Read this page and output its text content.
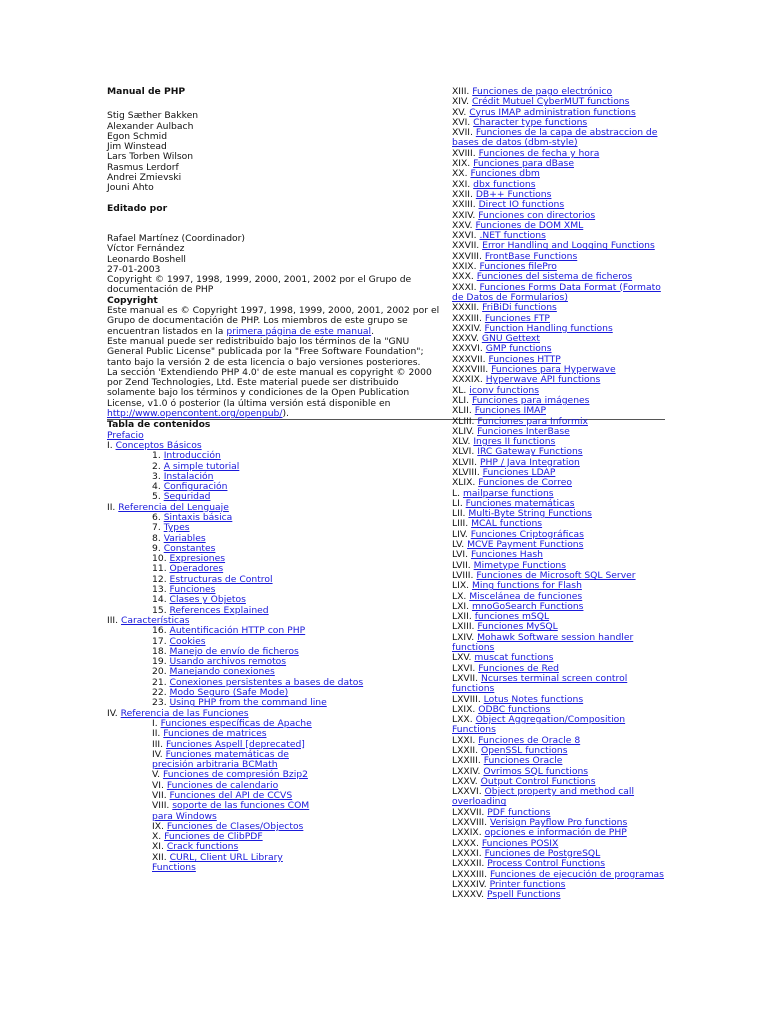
Manual de PHP
Stig Sæther Bakken
Alexander Aulbach
Egon Schmid
Jim Winstead
Lars Torben Wilson
Rasmus Lerdorf
Andrei Zmievski
Jouni Ahto
Editado por
Rafael Martínez (Coordinador)
Víctor Fernández
Leonardo Boshell
27-01-2003

Copyright © 1997, 1998, 1999, 2000, 2001, 2002 por el Grupo de documentación de PHP

Copyright

Este manual es © Copyright 1997, 1998, 1999, 2000, 2001, 2002 por el Grupo de documentación de PHP. Los miembros de este grupo se encuentran listados en la primera página de este manual.

Este manual puede ser redistribuido bajo los términos de la "GNU General Public License" publicada por la "Free Software Foundation"; tanto bajo la versión 2 de esta licencia o bajo versiones posteriores.

La sección 'Extendiendo PHP 4.0' de este manual es copyright © 2000 por Zend Technologies, Ltd. Este material puede ser distribuido solamente bajo los términos y condiciones de la Open Publication License, v1.0 ó posterior (la última versión está disponible en http://www.opencontent.org/openpub/).

Tabla de contenidos
Prefacio
I. Conceptos Básicos
1. Introducción
2. A simple tutorial
3. Instalación
4. Configuración
5. Seguridad
II. Referencia del Lenguaje
6. Sintaxis básica
7. Types
8. Variables
9. Constantes
10. Expresiones
11. Operadores
12. Estructuras de Control
13. Funciones
14. Clases y Objetos
15. References Explained
III. Características
16. Autentificación HTTP con PHP
17. Cookies
18. Manejo de envío de ficheros
19. Usando archivos remotos
20. Manejando conexiones
21. Conexiones persistentes a bases de datos
22. Modo Seguro (Safe Mode)
23. Using PHP from the command line
IV. Referencia de las Funciones
I. Funciones específicas de Apache
II. Funciones de matrices
III. Funciones Aspell [deprecated]
IV. Funciones matemáticas de precisión arbitraria BCMath
V. Funciones de compresión Bzip2
VI. Funciones de calendario
VII. Funciones del API de CCVS
VIII. soporte de las funciones COM para Windows
IX. Funciones de Clases/Objectos
X. Funciones de ClibPDF
XI. Crack functions
XII. CURL, Client URL Library Functions
XIII. Funciones de pago electrónico
XIV. Crédit Mutuel CyberMUT functions
XV. Cyrus IMAP administration functions
XVI. Character type functions
XVII. Funciones de la capa de abstraccion de bases de datos (dbm-style)
XVIII. Funciones de fecha y hora
XIX. Funciones para dBase
XX. Funciones dbm
XXI. dbx functions
XXII. DB++ Functions
XXIII. Direct IO functions
XXIV. Funciones con directorios
XXV. Funciones de DOM XML
XXVI. .NET functions
XXVII. Error Handling and Logging Functions
XXVIII. FrontBase Functions
XXIX. Funciones filePro
XXX. Funciones del sistema de ficheros
XXXI. Funciones Forms Data Format (Formato de Datos de Formularios)
XXXII. FriBiDi functions
XXXIII. Funciones FTP
XXXIV. Function Handling functions
XXXV. GNU Gettext
XXXVI. GMP functions
XXXVII. Funciones HTTP
XXXVIII. Funciones para Hyperwave
XXXIX. Hyperwave API functions
XL. iconv functions
XLI. Funciones para imágenes
XLII. Funciones IMAP
XLIII. Funciones para Informix
XLIV. Funciones InterBase
XLV. Ingres II functions
XLVI. IRC Gateway Functions
XLVII. PHP / Java Integration
XLVIII. Funciones LDAP
XLIX. Funciones de Correo
L. mailparse functions
LI. Funciones matemáticas
LII. Multi-Byte String Functions
LIII. MCAL functions
LIV. Funciones Criptográficas
LV. MCVE Payment Functions
LVI. Funciones Hash
LVII. Mimetype Functions
LVIII. Funciones de Microsoft SQL Server
LIX. Ming functions for Flash
LX. Miscelánea de funciones
LXI. mnoGoSearch Functions
LXII. funciones mSQL
LXIII. Funciones MySQL
LXIV. Mohawk Software session handler functions
LXV. muscat functions
LXVI. Funciones de Red
LXVII. Ncurses terminal screen control functions
LXVIII. Lotus Notes functions
LXIX. ODBC functions
LXX. Object Aggregation/Composition Functions
LXXI. Funciones de Oracle 8
LXXII. OpenSSL functions
LXXIII. Funciones Oracle
LXXIV. Ovrimos SQL functions
LXXV. Output Control Functions
LXXVI. Object property and method call overloading
LXXVII. PDF functions
LXXVIII. Verisign Payflow Pro functions
LXXIX. opciones e información de PHP
LXXX. Funciones POSIX
LXXXI. Funciones de PostgreSQL
LXXXII. Process Control Functions
LXXXIII. Funciones de ejecución de programas
LXXXIV. Printer functions
LXXXV. Pspell Functions
